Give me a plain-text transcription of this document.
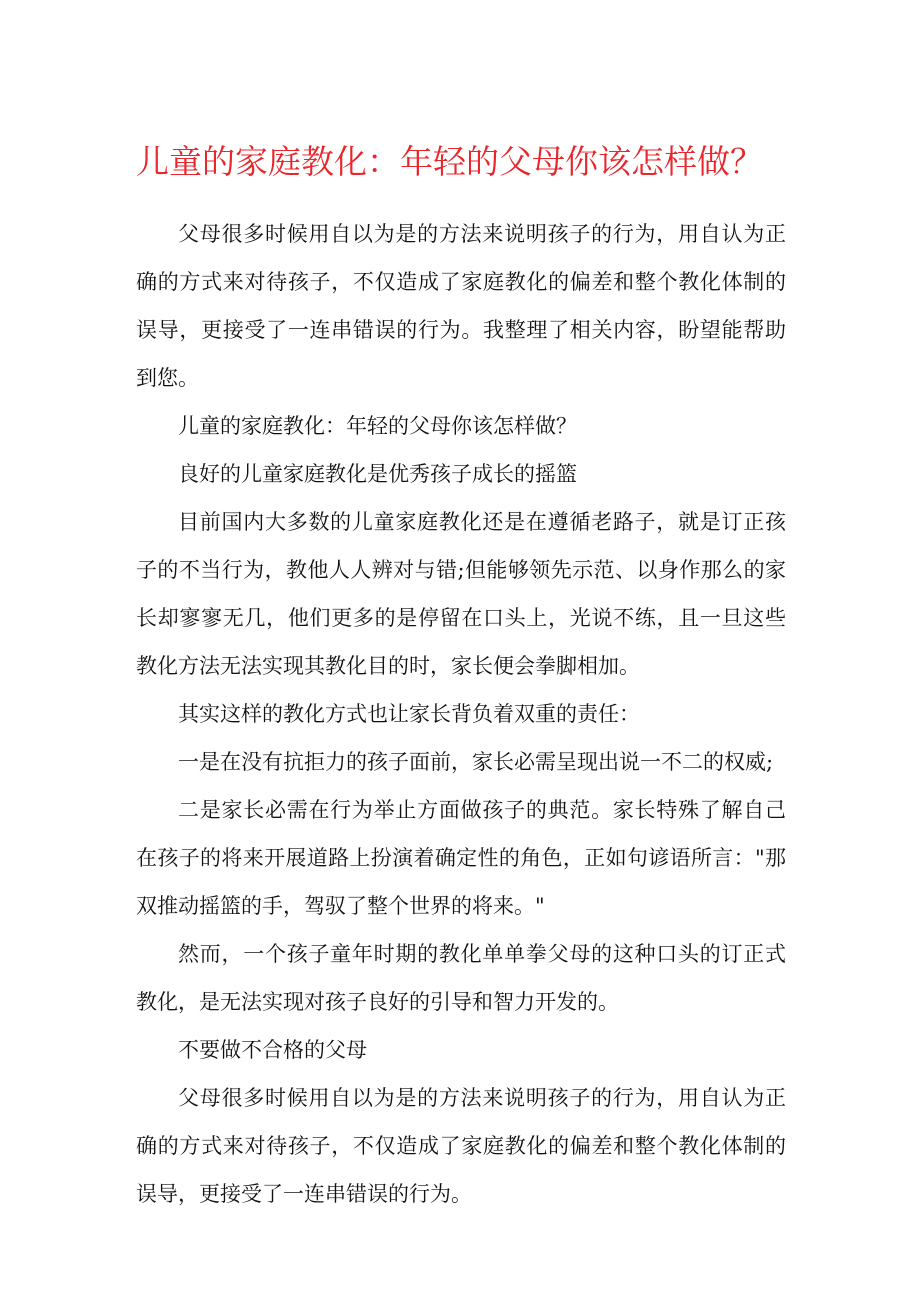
儿童的家庭教化：年轻的父母你该怎样做？

父母很多时候用自以为是的方法来说明孩子的行为，用自认为正确的方式来对待孩子，不仅造成了家庭教化的偏差和整个教化体制的误导，更接受了一连串错误的行为。我整理了相关内容，盼望能帮助到您。

儿童的家庭教化：年轻的父母你该怎样做？

良好的儿童家庭教化是优秀孩子成长的摇篮

目前国内大多数的儿童家庭教化还是在遵循老路子，就是订正孩子的不当行为，教他人人辨对与错;但能够领先示范、以身作那么的家长却寥寥无几，他们更多的是停留在口头上，光说不练，且一旦这些教化方法无法实现其教化目的时，家长便会拳脚相加。

其实这样的教化方式也让家长背负着双重的责任：

一是在没有抗拒力的孩子面前，家长必需呈现出说一不二的权威;

二是家长必需在行为举止方面做孩子的典范。家长特殊了解自己在孩子的将来开展道路上扮演着确定性的角色，正如句谚语所言："那双推动摇篮的手，驾驭了整个世界的将来。"

然而，一个孩子童年时期的教化单单拳父母的这种口头的订正式教化，是无法实现对孩子良好的引导和智力开发的。

不要做不合格的父母

父母很多时候用自以为是的方法来说明孩子的行为，用自认为正确的方式来对待孩子，不仅造成了家庭教化的偏差和整个教化体制的误导，更接受了一连串错误的行为。
